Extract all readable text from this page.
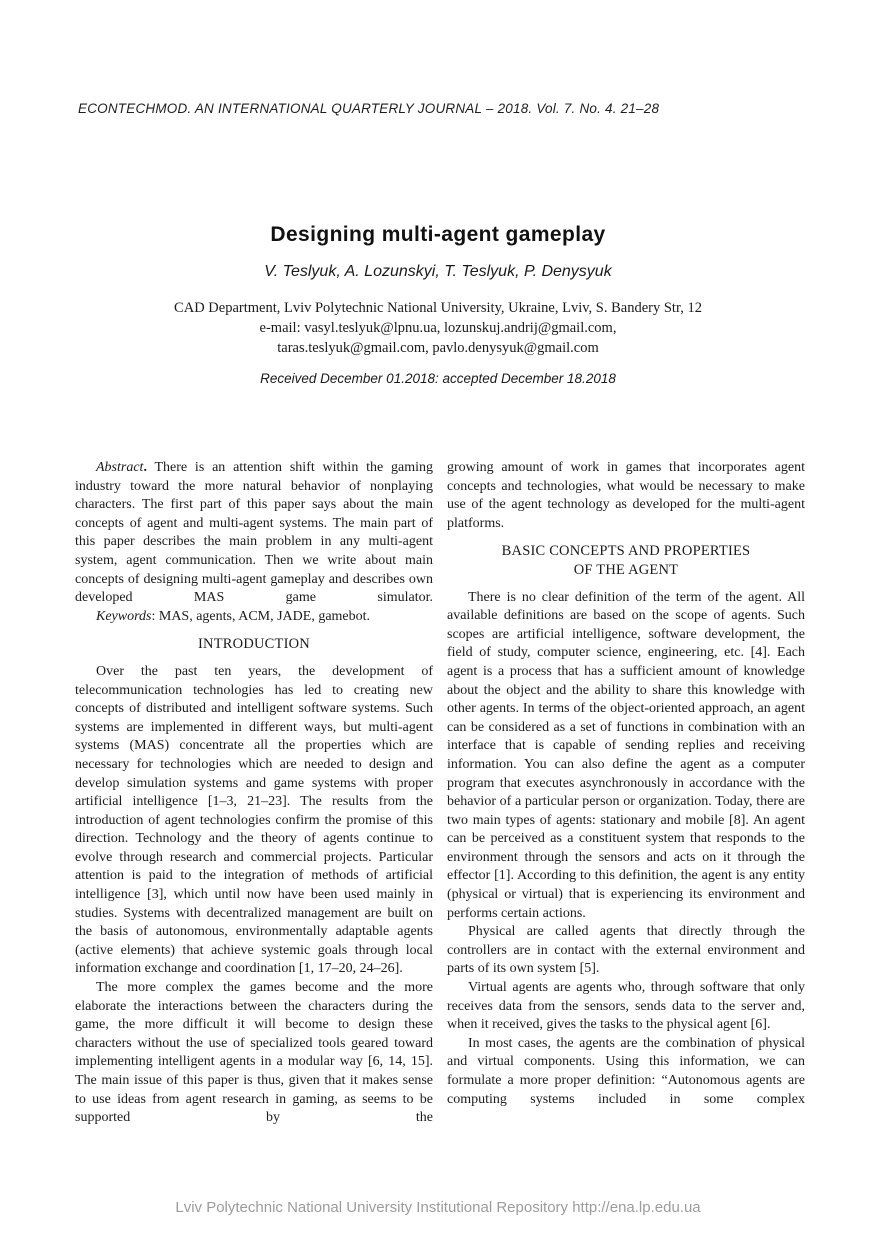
ECONTECHMOD. AN INTERNATIONAL QUARTERLY JOURNAL – 2018. Vol. 7. No. 4. 21–28
Designing multi-agent gameplay
V. Teslyuk, A. Lozunskyi, T. Teslyuk, P. Denysyuk
CAD Department, Lviv Polytechnic National University, Ukraine, Lviv, S. Bandery Str, 12
e-mail: vasyl.teslyuk@lpnu.ua, lozunskuj.andrij@gmail.com,
taras.teslyuk@gmail.com, pavlo.denysyuk@gmail.com
Received December 01.2018: accepted December 18.2018

Abstract. There is an attention shift within the gaming industry toward the more natural behavior of nonplaying characters. The first part of this paper says about the main concepts of agent and multi-agent systems. The main part of this paper describes the main problem in any multi-agent system, agent communication. Then we write about main concepts of designing multi-agent gameplay and describes own developed MAS game simulator.

Keywords: MAS, agents, ACM, JADE, gamebot.

INTRODUCTION

Over the past ten years, the development of telecommunication technologies has led to creating new concepts of distributed and intelligent software systems. Such systems are implemented in different ways, but multi-agent systems (MAS) concentrate all the properties which are necessary for technologies which are needed to design and develop simulation systems and game systems with proper artificial intelligence [1–3, 21–23]. The results from the introduction of agent technologies confirm the promise of this direction. Technology and the theory of agents continue to evolve through research and commercial projects. Particular attention is paid to the integration of methods of artificial intelligence [3], which until now have been used mainly in studies. Systems with decentralized management are built on the basis of autonomous, environmentally adaptable agents (active elements) that achieve systemic goals through local information exchange and coordination [1, 17–20, 24–26].

The more complex the games become and the more elaborate the interactions between the characters during the game, the more difficult it will become to design these characters without the use of specialized tools geared toward implementing intelligent agents in a modular way [6, 14, 15]. The main issue of this paper is thus, given that it makes sense to use ideas from agent research in gaming, as seems to be supported by the

growing amount of work in games that incorporates agent concepts and technologies, what would be necessary to make use of the agent technology as developed for the multi-agent platforms.

BASIC CONCEPTS AND PROPERTIES
OF THE AGENT

There is no clear definition of the term of the agent. All available definitions are based on the scope of agents. Such scopes are artificial intelligence, software development, the field of study, computer science, engineering, etc. [4]. Each agent is a process that has a sufficient amount of knowledge about the object and the ability to share this knowledge with other agents. In terms of the object-oriented approach, an agent can be considered as a set of functions in combination with an interface that is capable of sending replies and receiving information. You can also define the agent as a computer program that executes asynchronously in accordance with the behavior of a particular person or organization. Today, there are two main types of agents: stationary and mobile [8]. An agent can be perceived as a constituent system that responds to the environment through the sensors and acts on it through the effector [1]. According to this definition, the agent is any entity (physical or virtual) that is experiencing its environment and performs certain actions.

Physical are called agents that directly through the controllers are in contact with the external environment and parts of its own system [5].

Virtual agents are agents who, through software that only receives data from the sensors, sends data to the server and, when it received, gives the tasks to the physical agent [6].

In most cases, the agents are the combination of physical and virtual components. Using this information, we can formulate a more proper definition: “Autonomous agents are computing systems included in some complex

Lviv Polytechnic National University Institutional Repository http://ena.lp.edu.ua
